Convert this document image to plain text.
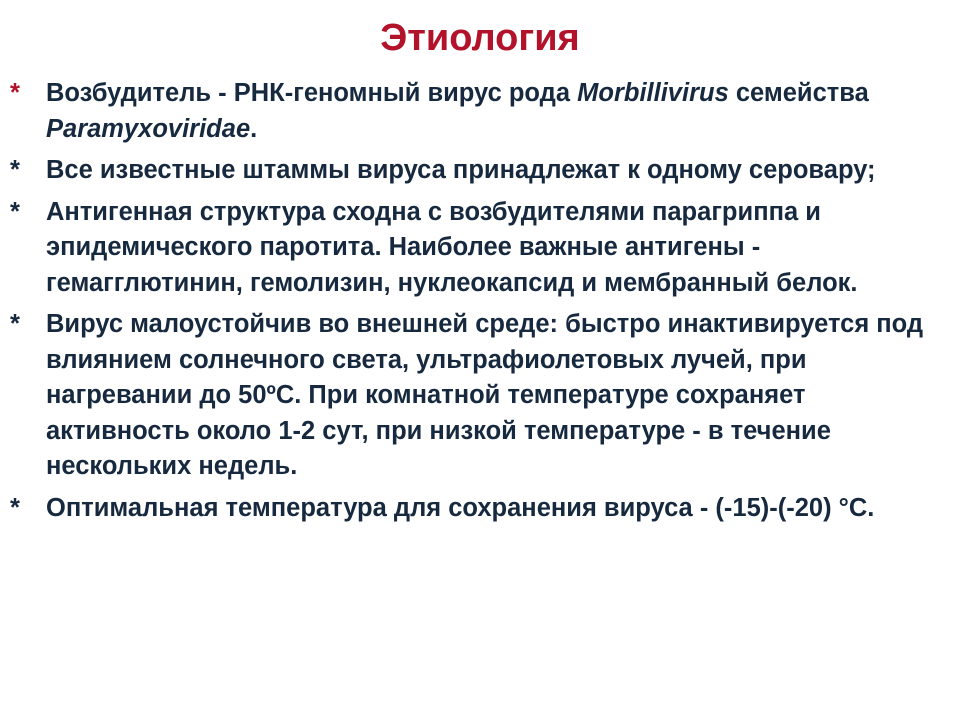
Этиология
* Возбудитель - РНК-геномный вирус рода Morbillivirus семейства Paramyxoviridae.
* Все известные штаммы вируса принадлежат к одному серовару;
* Антигенная структура сходна с возбудителями парагриппа и эпидемического паротита. Наиболее важные антигены - гемагглютинин, гемолизин, нуклеокапсид и мембранный белок.
* Вирус малоустойчив во внешней среде: быстро инактивируется под влиянием солнечного света, ультрафиолетовых лучей, при нагревании до 50ºС. При комнатной температуре сохраняет активность около 1-2 сут, при низкой температуре - в течение нескольких недель.
* Оптимальная температура для сохранения вируса - (-15)-(-20) °С.
